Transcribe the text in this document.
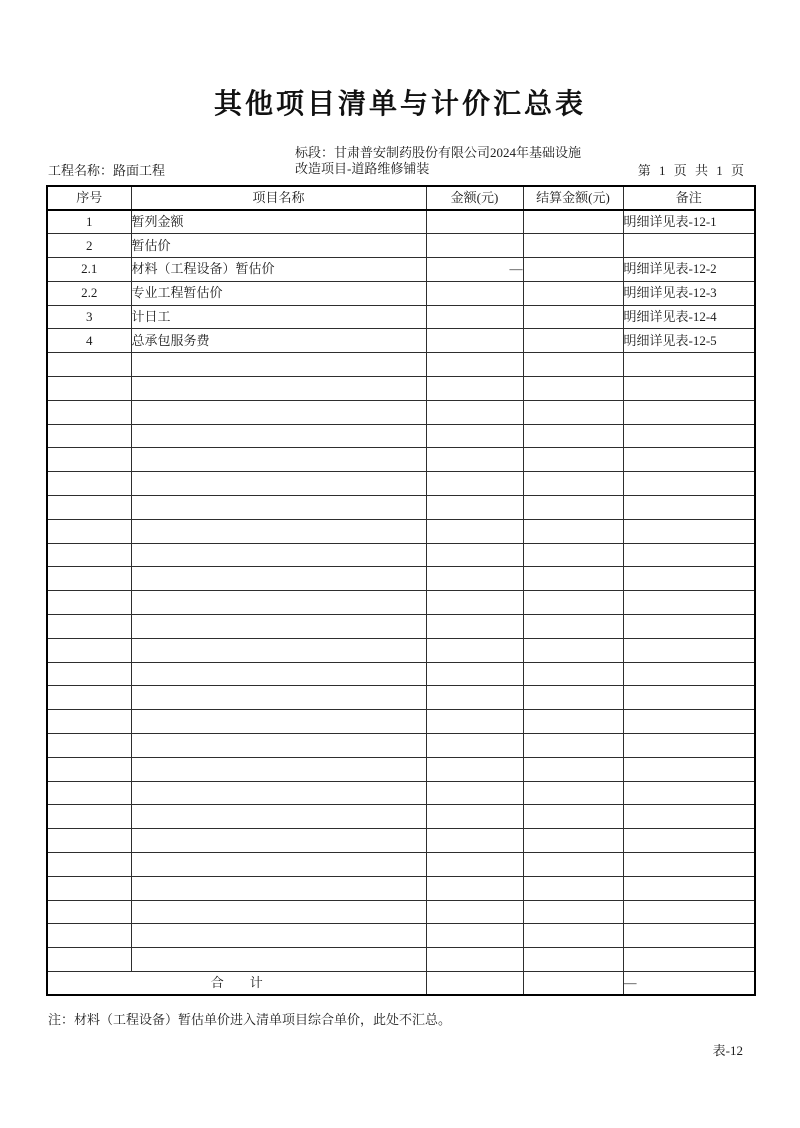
其他项目清单与计价汇总表
工程名称：路面工程
标段：甘肃普安制药股份有限公司2024年基础设施
改造项目-道路维修铺装	第 1 页 共 1 页
序号	项目名称	金额(元)	结算金额(元)	备注
1	暂列金额			明细详见表-12-1
2	暂估价			
2.1	材料（工程设备）暂估价	—		明细详见表-12-2
2.2	专业工程暂估价			明细详见表-12-3
3	计日工			明细详见表-12-4
4	总承包服务费			明细详见表-12-5

合　　计				—
注：材料（工程设备）暂估单价进入清单项目综合单价，此处不汇总。
表-12
